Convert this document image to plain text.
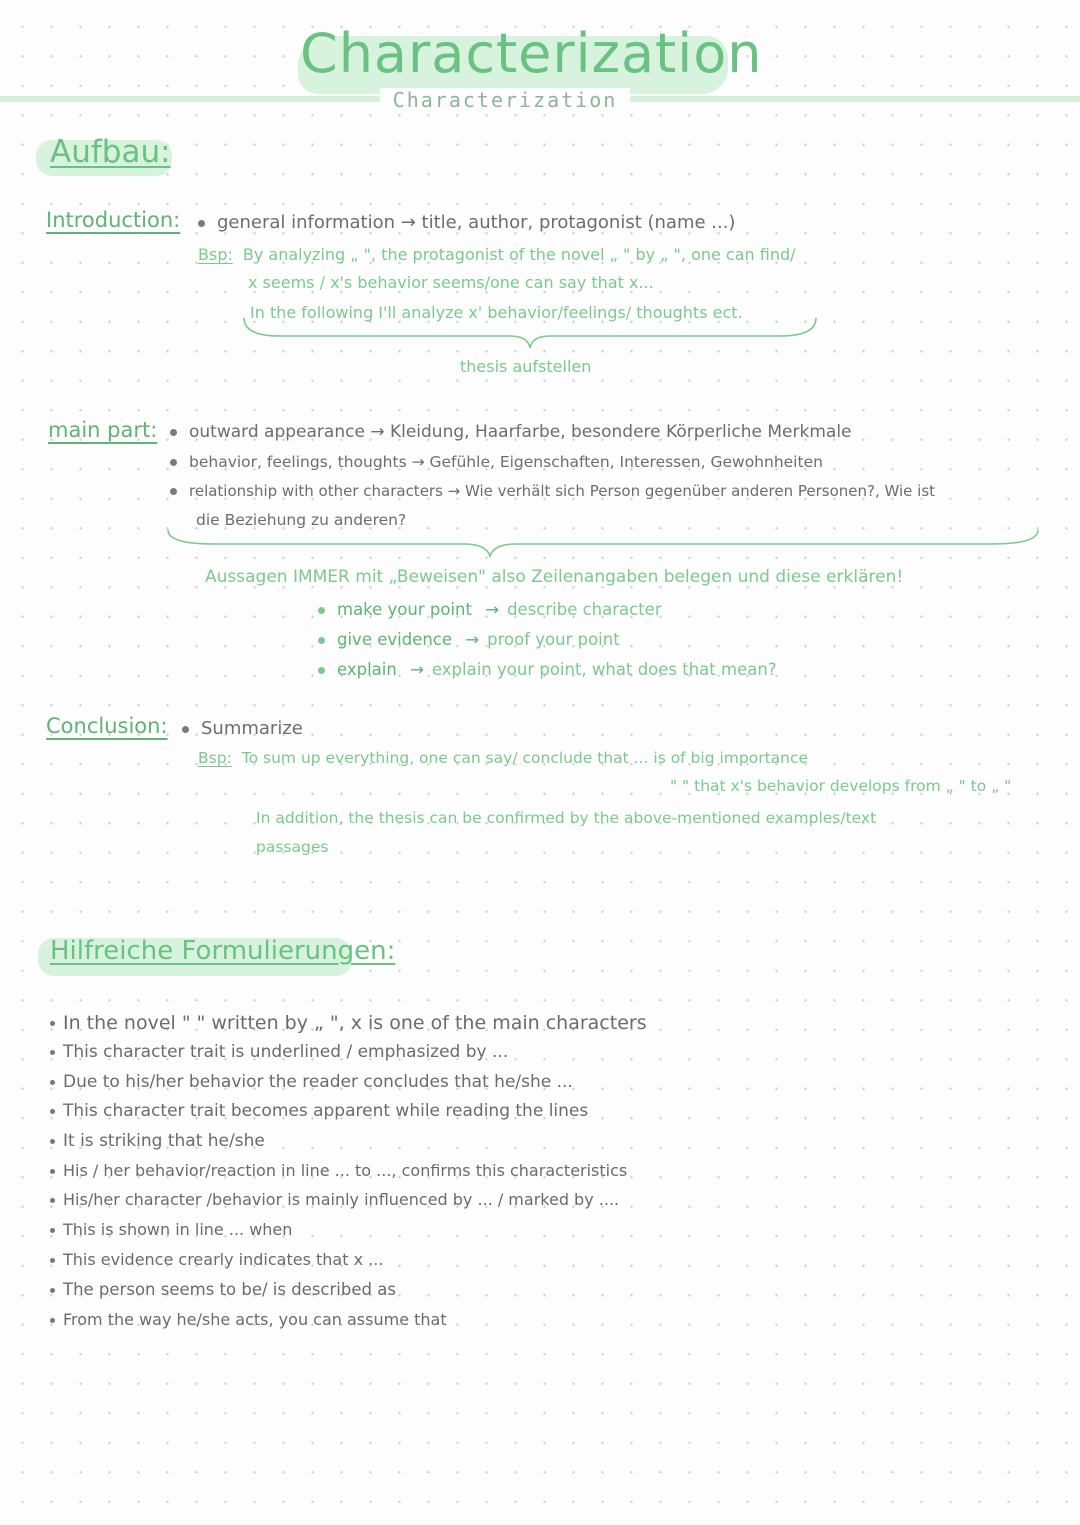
Characterization
Characterization
Aufbau:
Introduction:	general information → title, author, protagonist (name ...)
Bsp: By analyzing „ ", the protagonist of the novel „ " by „ ", one can find/
x seems / x's behavior seems/one can say that x...
In the following I'll analyze x' behavior/feelings/ thoughts ect.
thesis aufstellen
main part:	outward appearance → Kleidung, Haarfarbe, besondere Körperliche Merkmale
behavior, feelings, thoughts → Gefühle, Eigenschaften, Interessen, Gewohnheiten
relationship with other characters → Wie verhält sich Person gegenüber anderen Personen?, Wie ist
die Beziehung zu anderen?
Aussagen IMMER mit „Beweisen" also Zeilenangaben belegen und diese erklären!
make your point → describe character
give evidence → proof your point
explain → explain your point, what does that mean?
Conclusion:	Summarize
Bsp: To sum up everything, one can say/ conclude that ... is of big importance
" " that x's behavior develops from „ " to „ "
In addition, the thesis can be confirmed by the above-mentioned examples/text
passages
Hilfreiche Formulierungen:
In the novel " " written by „ ", x is one of the main characters
This character trait is underlined / emphasized by ...
Due to his/her behavior the reader concludes that he/she ...
This character trait becomes apparent while reading the lines
It is striking that he/she
His / her behavior/reaction in line ... to ..., confirms this characteristics
His/her character /behavior is mainly influenced by ... / marked by ....
This is shown in line ... when
This evidence crearly indicates that x ...
The person seems to be/ is described as
From the way he/she acts, you can assume that
